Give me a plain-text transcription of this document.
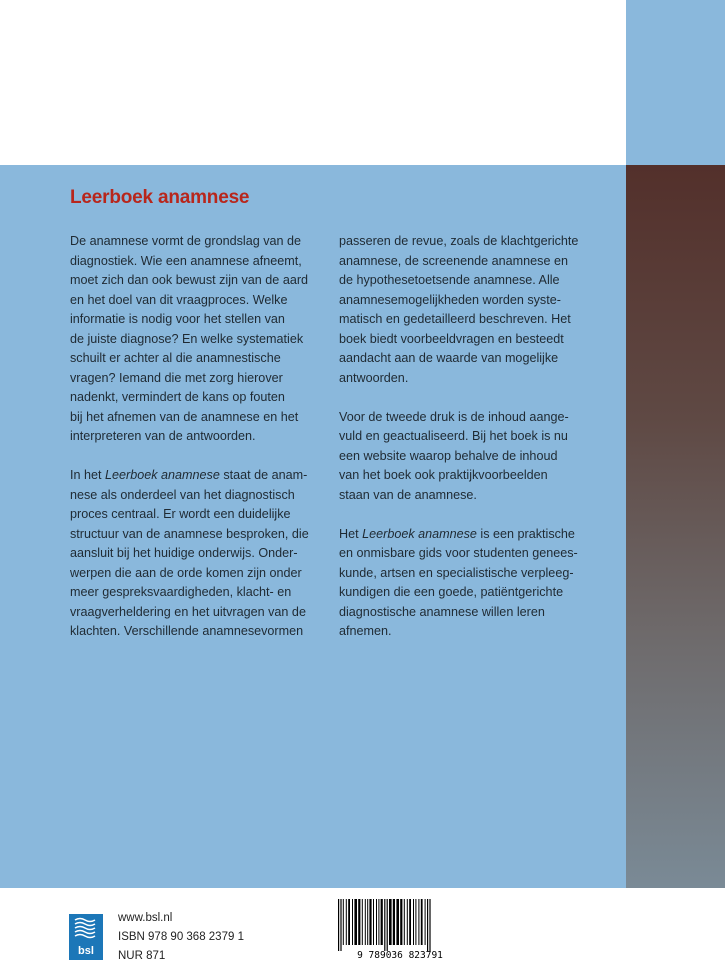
Leerboek anamnese

De anamnese vormt de grondslag van de
diagnostiek. Wie een anamnese afneemt,
moet zich dan ook bewust zijn van de aard
en het doel van dit vraagproces. Welke
informatie is nodig voor het stellen van
de juiste diagnose? En welke systematiek
schuilt er achter al die anamnestische
vragen? Iemand die met zorg hierover
nadenkt, vermindert de kans op fouten
bij het afnemen van de anamnese en het
interpreteren van de antwoorden.

In het Leerboek anamnese staat de anam-
nese als onderdeel van het diagnostisch
proces centraal. Er wordt een duidelijke
structuur van de anamnese besproken, die
aansluit bij het huidige onderwijs. Onder-
werpen die aan de orde komen zijn onder
meer gespreksvaardigheden, klacht- en
vraagverheldering en het uitvragen van de
klachten. Verschillende anamnesevormen

passeren de revue, zoals de klachtgerichte
anamnese, de screenende anamnese en
de hypothesetoetsende anamnese. Alle
anamnesemogelijkheden worden syste-
matisch en gedetailleerd beschreven. Het
boek biedt voorbeeldvragen en besteedt
aandacht aan de waarde van mogelijke
antwoorden.

Voor de tweede druk is de inhoud aange-
vuld en geactualiseerd. Bij het boek is nu
een website waarop behalve de inhoud
van het boek ook praktijkvoorbeelden
staan van de anamnese.

Het Leerboek anamnese is een praktische
en onmisbare gids voor studenten genees-
kunde, artsen en specialistische verpleeg-
kundigen die een goede, patiëntgerichte
diagnostische anamnese willen leren
afnemen.

bsl
www.bsl.nl
ISBN 978 90 368 2379 1
NUR 871	9 789036 823791
